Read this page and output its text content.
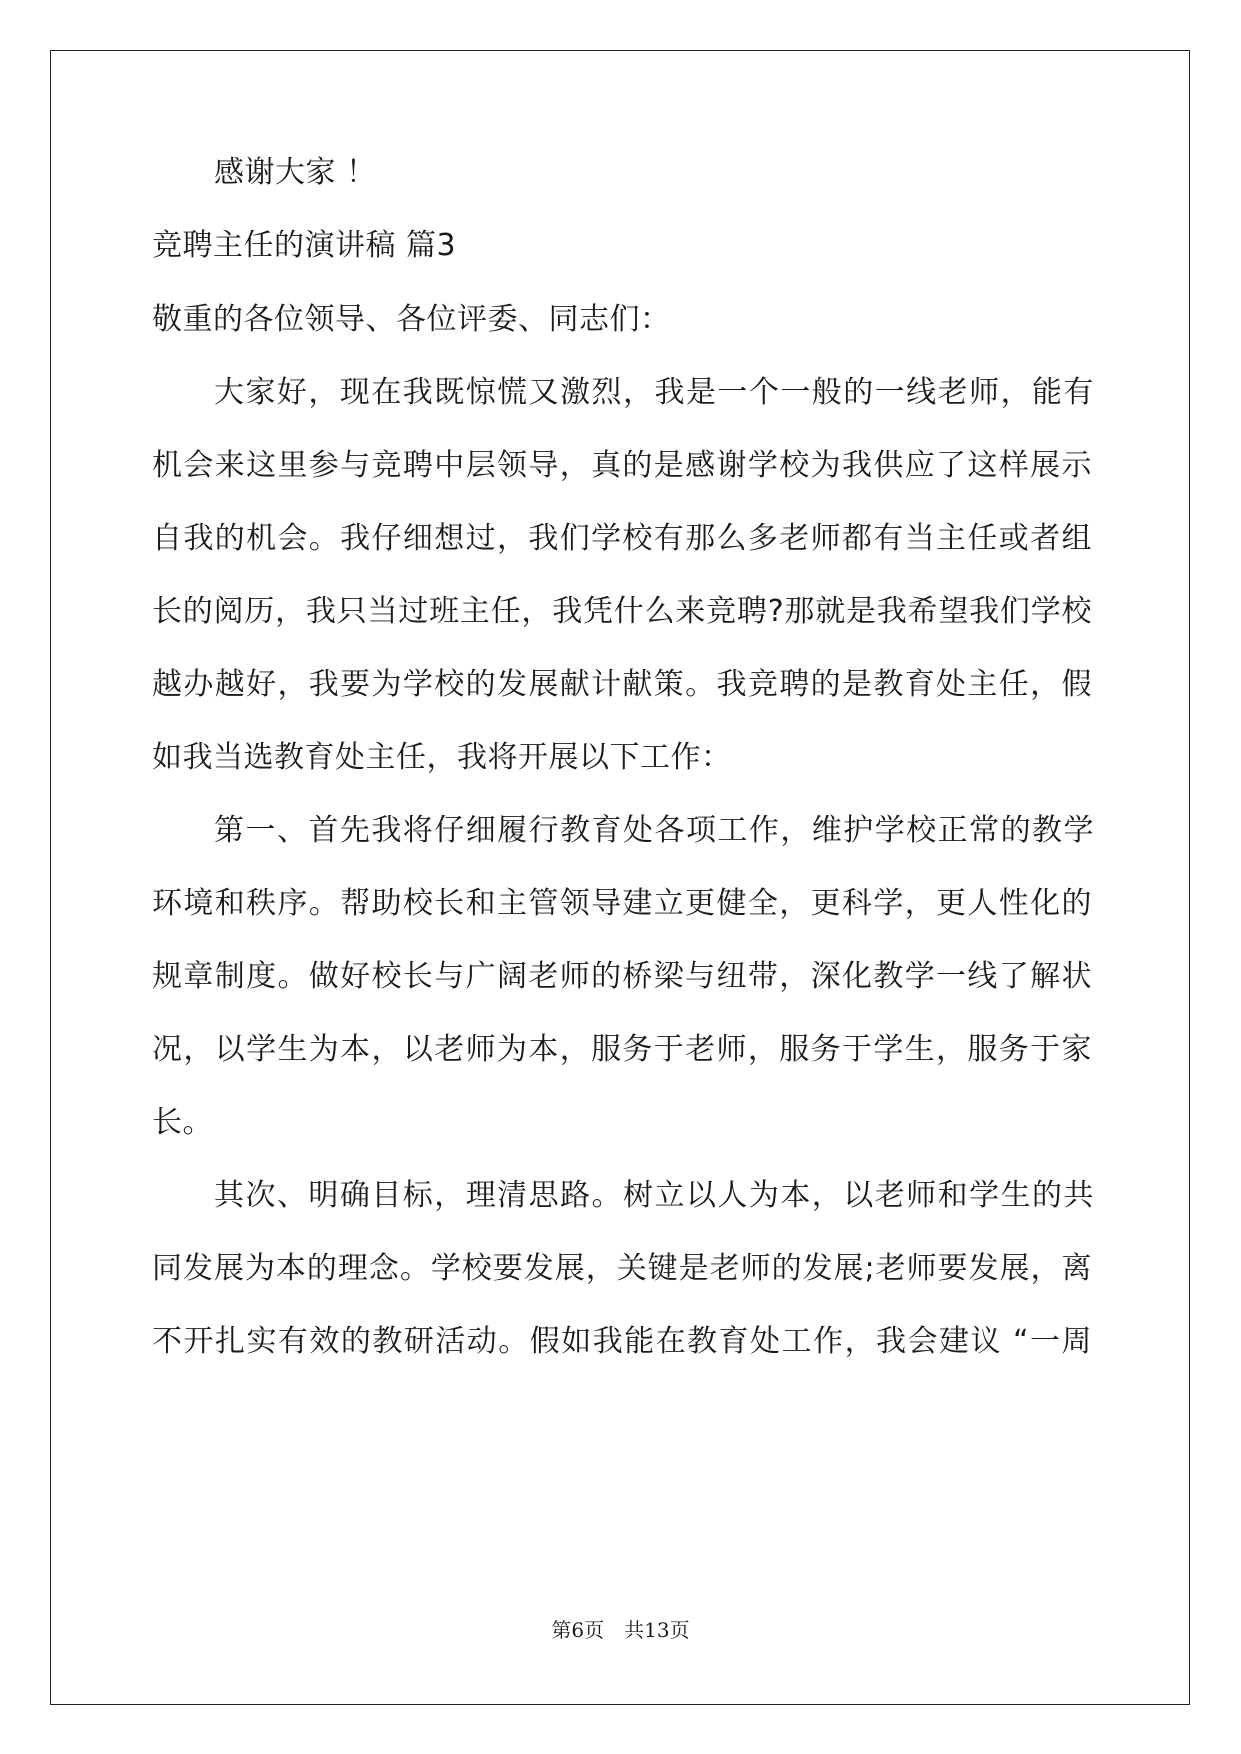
感谢大家 ！
竞聘主任的演讲稿 篇3
敬重的各位领导、各位评委、同志们：
大家好，现在我既惊慌又激烈，我是一个一般的一线老师，能有
机会来这里参与竞聘中层领导，真的是感谢学校为我供应了这样展示
自我的机会。我仔细想过，我们学校有那么多老师都有当主任或者组
长的阅历，我只当过班主任，我凭什么来竞聘?那就是我希望我们学校
越办越好，我要为学校的发展献计献策。我竞聘的是教育处主任，假
如我当选教育处主任，我将开展以下工作：
第一、首先我将仔细履行教育处各项工作，维护学校正常的教学
环境和秩序。帮助校长和主管领导建立更健全，更科学，更人性化的
规章制度。做好校长与广阔老师的桥梁与纽带，深化教学一线了解状
况，以学生为本，以老师为本，服务于老师，服务于学生，服务于家
长。
其次、明确目标，理清思路。树立以人为本，以老师和学生的共
同发展为本的理念。学校要发展，关键是老师的发展;老师要发展，离
不开扎实有效的教研活动。假如我能在教育处工作，我会建议 “一周
第6页　共13页
